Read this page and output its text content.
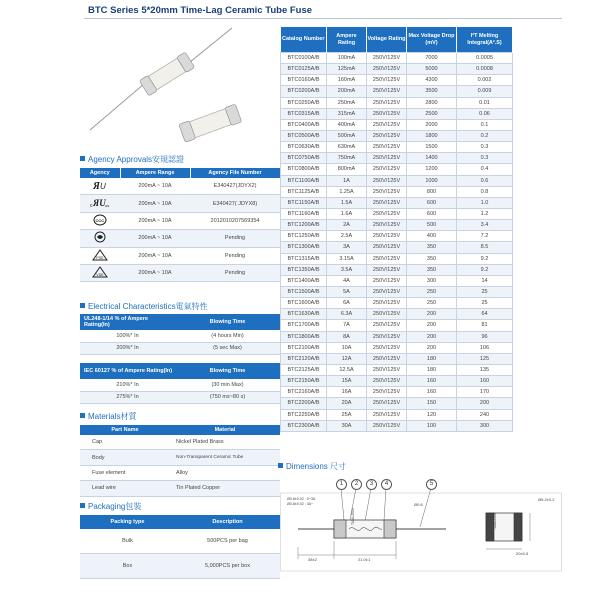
BTC Series 5*20mm Time-Lag Ceramic Tube Fuse
Agency Approvals安規認證
Agency	Ampere Range	Agency File Number

Я U	200mA ~ 10A	E340427(JDYX2)

c ЯU us	200mA ~ 10A	E340427( JDYX8)

CCC	200mA ~ 10A	2012010207569354
	200mA ~ 10A	Pending

PSE	200mA ~ 10A	Pending

VDE	200mA ~ 10A	Pending
Electrical Characteristics電氣特性
UL248-1/14 % of Ampere Rating(In)	Blowing Time
100%* In	(4 hours Min)
200%* In	(5 sec Max)
IEC 60127 % of Ampere Rating(In)	Blowing Time
210%* In	(30 min Max)
275%* In	(750 ms~80 s)
Materials材質
Part Name	Material
Cap	Nickel Plated Brass
Body	Non-Transparent Ceramic Tube
Fuse element	Alloy
Lead wire	Tin Plated Copper
Packaging包裝
Packing type	Description
Bulk	500PCS per bag
Box	5,000PCS per box
Catalog Number	Ampere Rating	Voltage Rating	Max Voltage Drop (mV)	I²T Melting Integral(A².S)
BTC0100A/B	100mA	250V/125V	7000	0.0005
BTC0125A/B	125mA	250V/125V	5000	0.0008
BTC0160A/B	160mA	250V/125V	4300	0.002
BTC0200A/B	200mA	250V/125V	3500	0.009
BTC0250A/B	250mA	250V/125V	2800	0.01
BTC0315A/B	315mA	250V/125V	2500	0.06
BTC0400A/B	400mA	250V/125V	2000	0.1
BTC0500A/B	500mA	250V/125V	1800	0.2
BTC0630A/B	630mA	250V/125V	1500	0.3
BTC0750A/B	750mA	250V/125V	1400	0.3
BTC0800A/B	800mA	250V/125V	1200	0.4
BTC1100A/B	1A	250V/125V	1000	0.6
BTC1125A/B	1.25A	250V/125V	800	0.8
BTC1150A/B	1.5A	250V/125V	600	1.0
BTC1160A/B	1.6A	250V/125V	600	1.2
BTC1200A/B	2A	250V/125V	500	3.4
BTC1250A/B	2.5A	250V/125V	400	7.2
BTC1300A/B	3A	250V/125V	350	8.5
BTC1315A/B	3.15A	250V/125V	350	9.2
BTC1350A/B	3.5A	250V/125V	350	9.2
BTC1400A/B	4A	250V/125V	300	14
BTC1500A/B	5A	250V/125V	250	25
BTC1600A/B	6A	250V/125V	250	25
BTC1630A/B	6.3A	250V/125V	200	64
BTC1700A/B	7A	250V/125V	200	81
BTC1800A/B	8A	250V/125V	200	96
BTC2100A/B	10A	250V/125V	200	106
BTC2120A/B	12A	250V/125V	180	125
BTC2125A/B	12.5A	250V/125V	180	135
BTC2150A/B	15A	250V/125V	160	160
BTC2160A/B	16A	250V/125V	160	170
BTC2200A/B	20A	250V/125V	150	200
BTC2250A/B	25A	250V/125V	120	240
BTC2300A/B	30A	250V/125V	100	300
Dimensions 尺寸
1	2	3	4	5
Ø0.6±0.02 : 0~3A
Ø0.8±0.02 : 3A~	Ø0.6
Ø5.2±0.2
38±2	21.0±1
20±0.5
T10AL250V	T10AL250V
